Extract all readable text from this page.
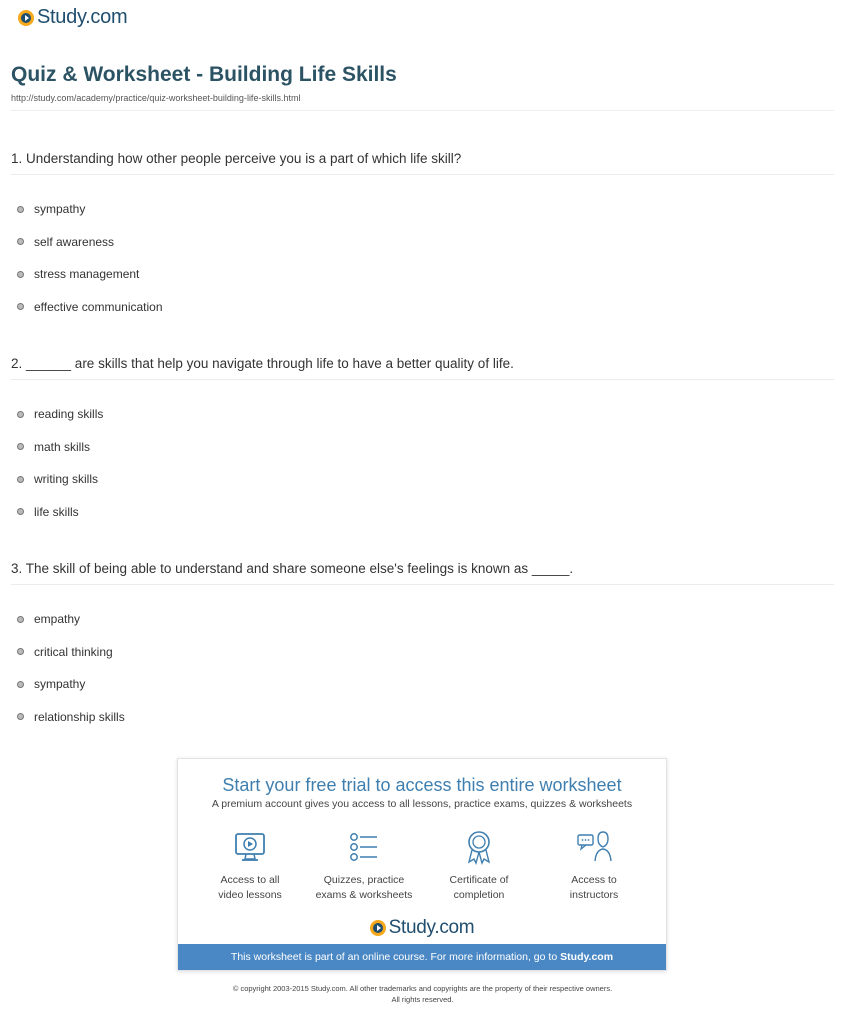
Study.com
Quiz & Worksheet - Building Life Skills
http://study.com/academy/practice/quiz-worksheet-building-life-skills.html
1. Understanding how other people perceive you is a part of which life skill?
sympathy
self awareness
stress management
effective communication
2. ______ are skills that help you navigate through life to have a better quality of life.
reading skills
math skills
writing skills
life skills
3. The skill of being able to understand and share someone else's feelings is known as _____.
empathy
critical thinking
sympathy
relationship skills
Start your free trial to access this entire worksheet
A premium account gives you access to all lessons, practice exams, quizzes & worksheets
Access to all
video lessons
Quizzes, practice
exams & worksheets
Certificate of
completion
Access to
instructors
Study.com
This worksheet is part of an online course. For more information, go to Study.com
© copyright 2003-2015 Study.com. All other trademarks and copyrights are the property of their respective owners.
All rights reserved.
